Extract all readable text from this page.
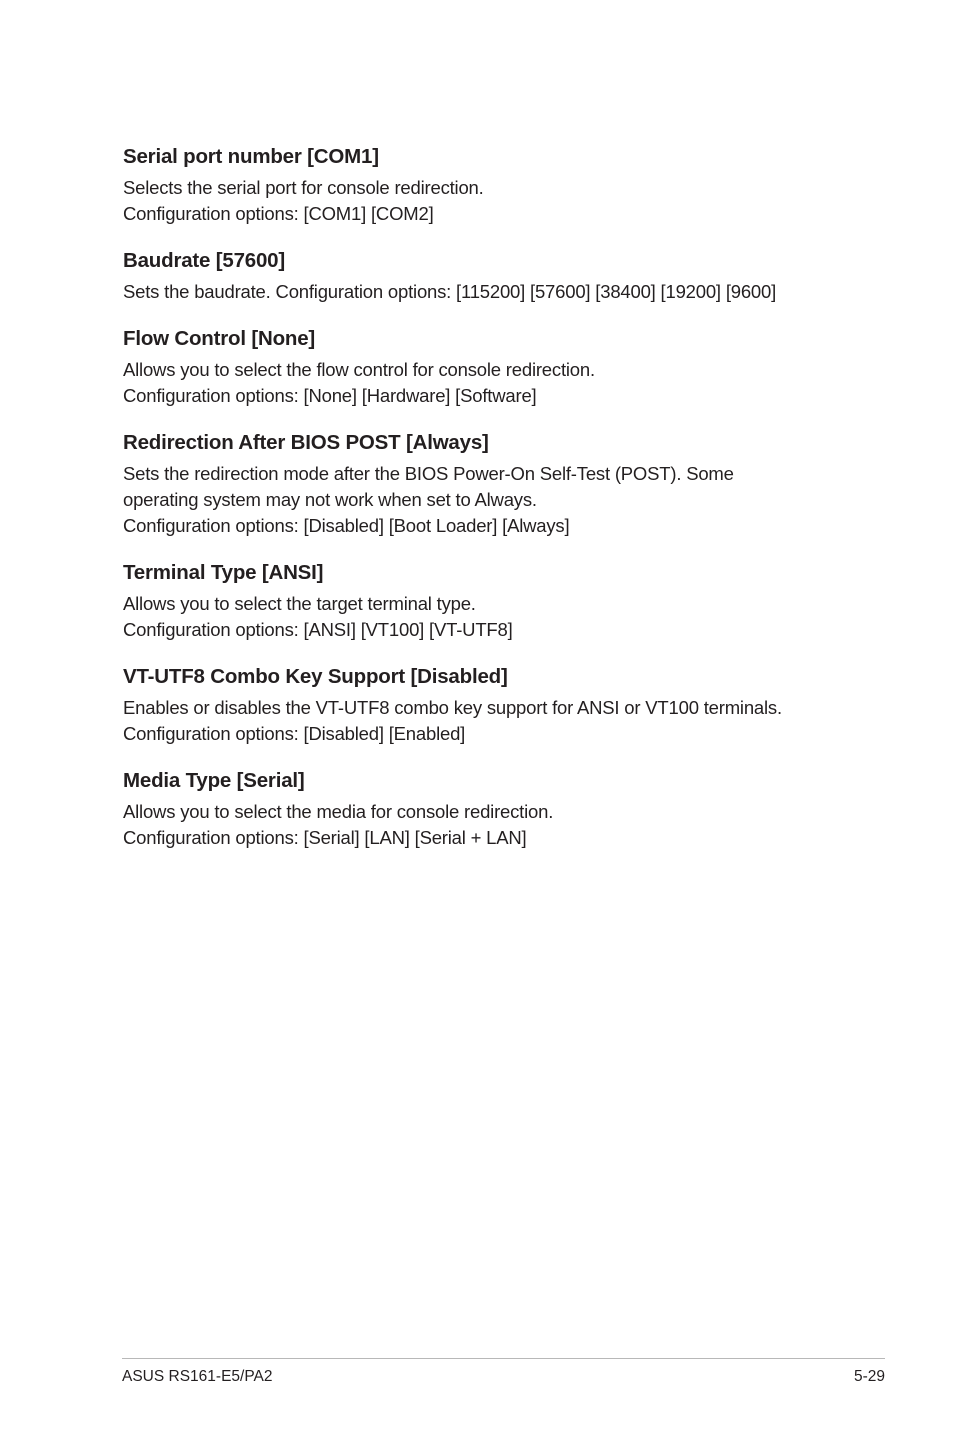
Serial port number [COM1]
Selects the serial port for console redirection.
Configuration options: [COM1] [COM2]
Baudrate [57600]
Sets the baudrate. Configuration options: [115200] [57600] [38400] [19200] [9600]
Flow Control [None]
Allows you to select the flow control for console redirection.
Configuration options: [None] [Hardware] [Software]
Redirection After BIOS POST [Always]
Sets the redirection mode after the BIOS Power-On Self-Test (POST). Some
operating system may not work when set to Always.
Configuration options: [Disabled] [Boot Loader] [Always]
Terminal Type [ANSI]
Allows you to select the target terminal type.
Configuration options: [ANSI] [VT100] [VT-UTF8]
VT-UTF8 Combo Key Support [Disabled]
Enables or disables the VT-UTF8 combo key support for ANSI or VT100 terminals.
Configuration options: [Disabled] [Enabled]
Media Type [Serial]
Allows you to select the media for console redirection.
Configuration options: [Serial] [LAN] [Serial + LAN]
ASUS RS161-E5/PA2	5-29
